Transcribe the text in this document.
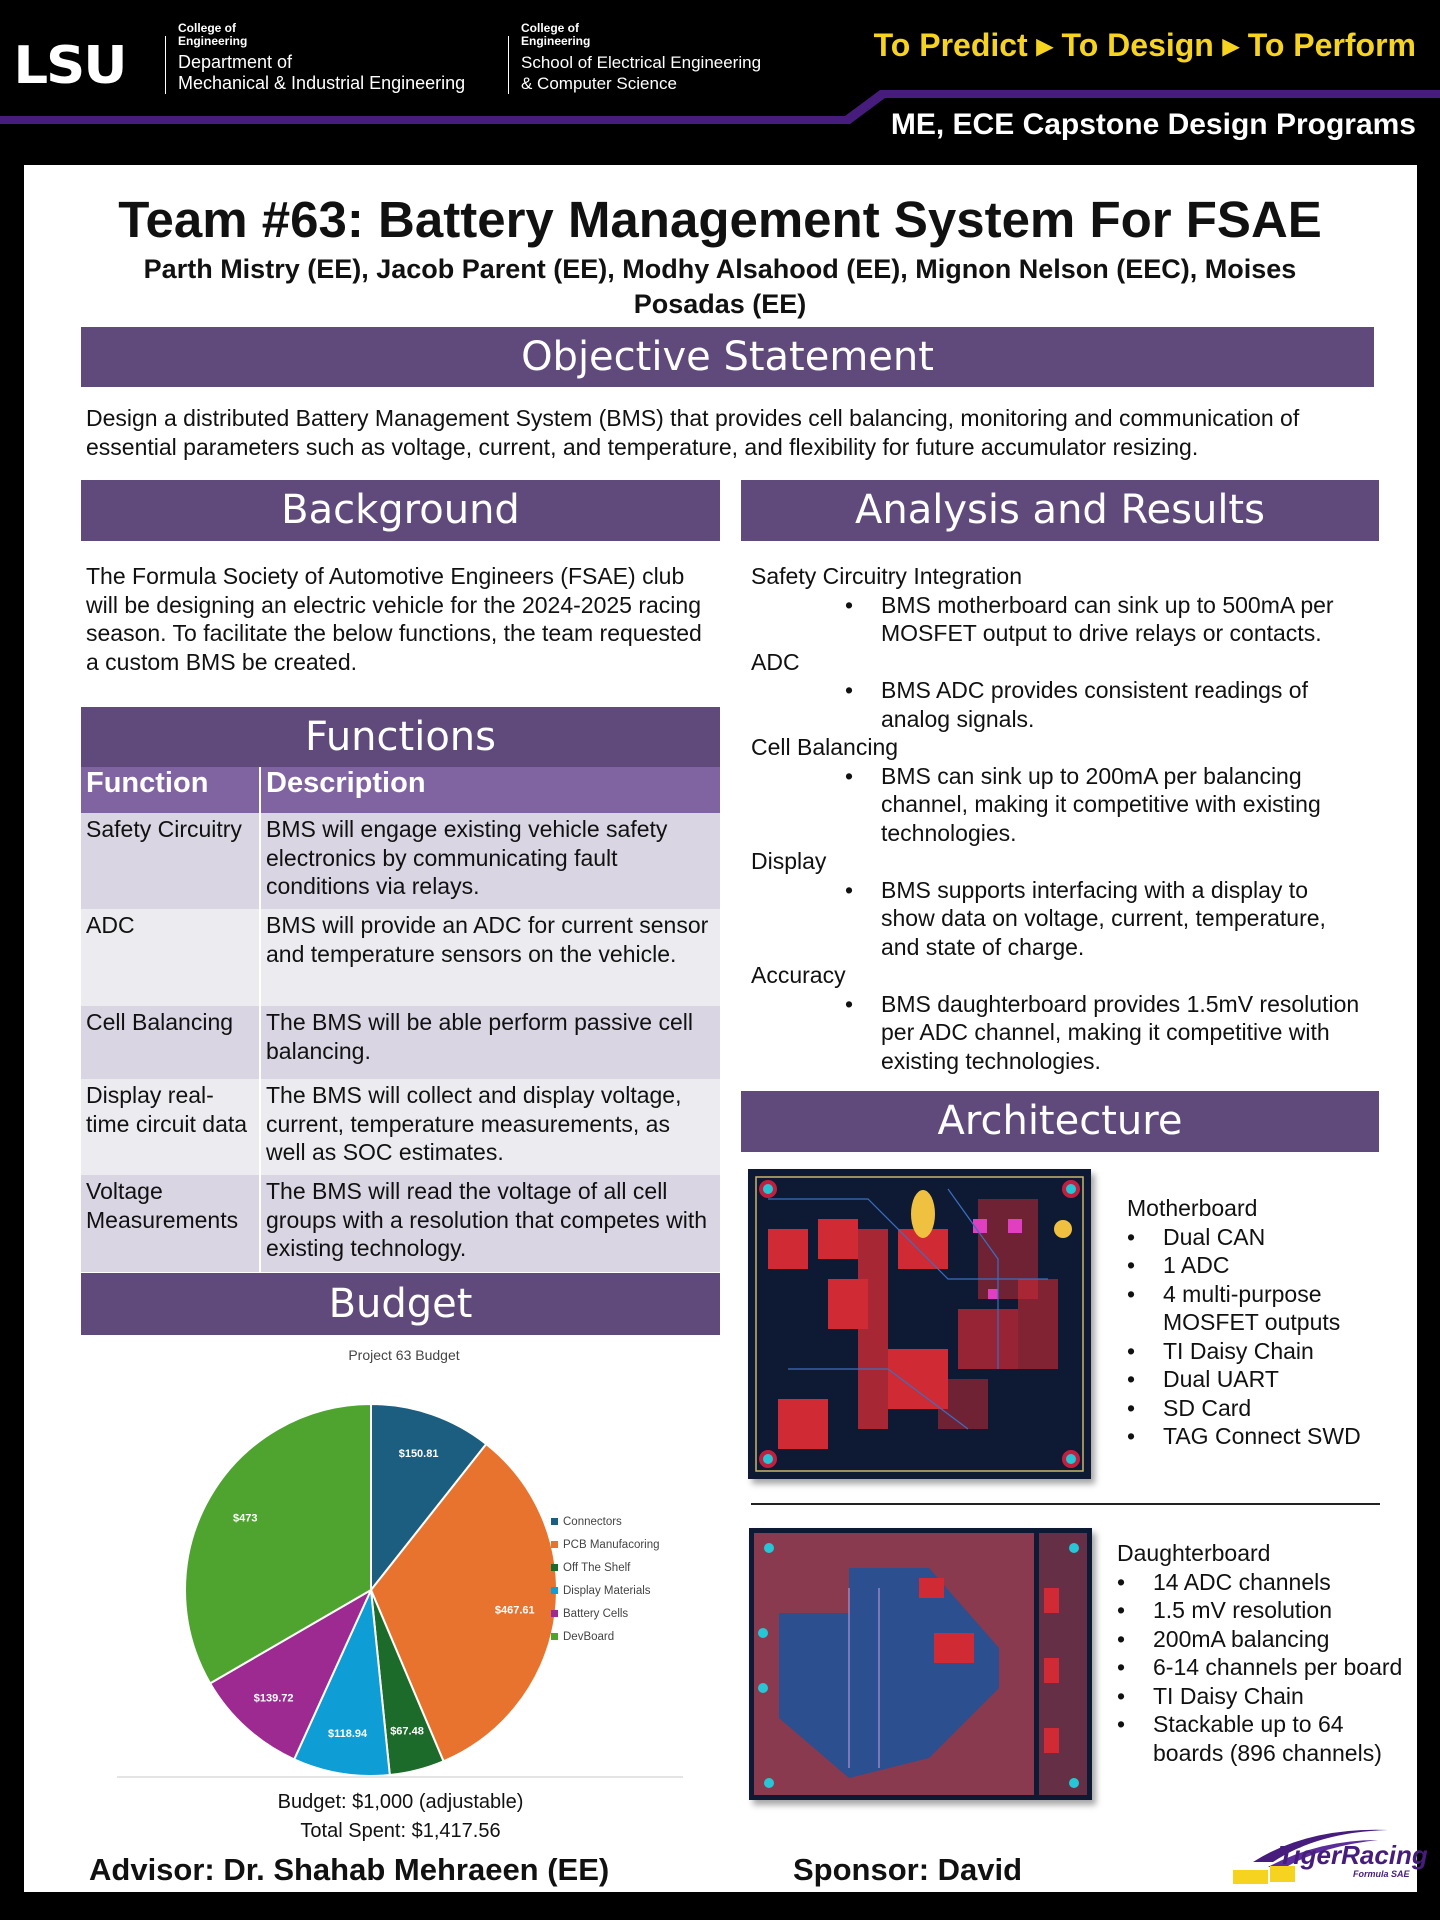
LSU
College of
Engineering
Department of
Mechanical & Industrial Engineering
College of
Engineering
School of Electrical Engineering
& Computer Science
To Predict ▸ To Design ▸ To Perform
ME, ECE Capstone Design Programs
Team #63: Battery Management System For FSAE
Parth Mistry (EE), Jacob Parent (EE), Modhy Alsahood (EE), Mignon Nelson (EEC), Moises Posadas (EE)
Objective Statement
Design a distributed Battery Management System (BMS) that provides cell balancing, monitoring and communication of essential parameters such as voltage, current, and temperature, and flexibility for future accumulator resizing.
Background
The Formula Society of Automotive Engineers (FSAE) club will be designing an electric vehicle for the 2024-2025 racing season. To facilitate the below functions, the team requested a custom BMS be created.
Functions
Function	Description
Safety Circuitry	BMS will engage existing vehicle safety electronics by communicating fault conditions via relays.
ADC	BMS will provide an ADC for current sensor and temperature sensors on the vehicle.
Cell Balancing	The BMS will be able perform passive cell balancing.
Display real-time circuit data	The BMS will collect and display voltage, current, temperature measurements, as well as SOC estimates.
Voltage Measurements	The BMS will read the voltage of all cell groups with a resolution that competes with existing technology.
Budget
Project 63 Budget
$150.81
$467.61
$67.48
$118.94
$139.72
$473	Connectors
PCB Manufacoring
Off The Shelf
Display Materials
Battery Cells
DevBoard
Budget: $1,000 (adjustable)
Total Spent: $1,417.56
Analysis and Results
Safety Circuitry Integration
• BMS motherboard can sink up to 500mA per MOSFET output to drive relays or contacts.
ADC
• BMS ADC provides consistent readings of analog signals.
Cell Balancing
• BMS can sink up to 200mA per balancing channel, making it competitive with existing technologies.
Display
• BMS supports interfacing with a display to show data on voltage, current, temperature, and state of charge.
Accuracy
• BMS daughterboard provides 1.5mV resolution per ADC channel, making it competitive with existing technologies.
Architecture
Motherboard
• Dual CAN
• 1 ADC
• 4 multi-purpose MOSFET outputs
• TI Daisy Chain
• Dual UART
• SD Card
• TAG Connect SWD
Daughterboard
• 14 ADC channels
• 1.5 mV resolution
• 200mA balancing
• 6-14 channels per board
• TI Daisy Chain
• Stackable up to 64 boards (896 channels)
Advisor: Dr. Shahab Mehraeen (EE)	Sponsor: David	TigerRacing
Formula SAE
